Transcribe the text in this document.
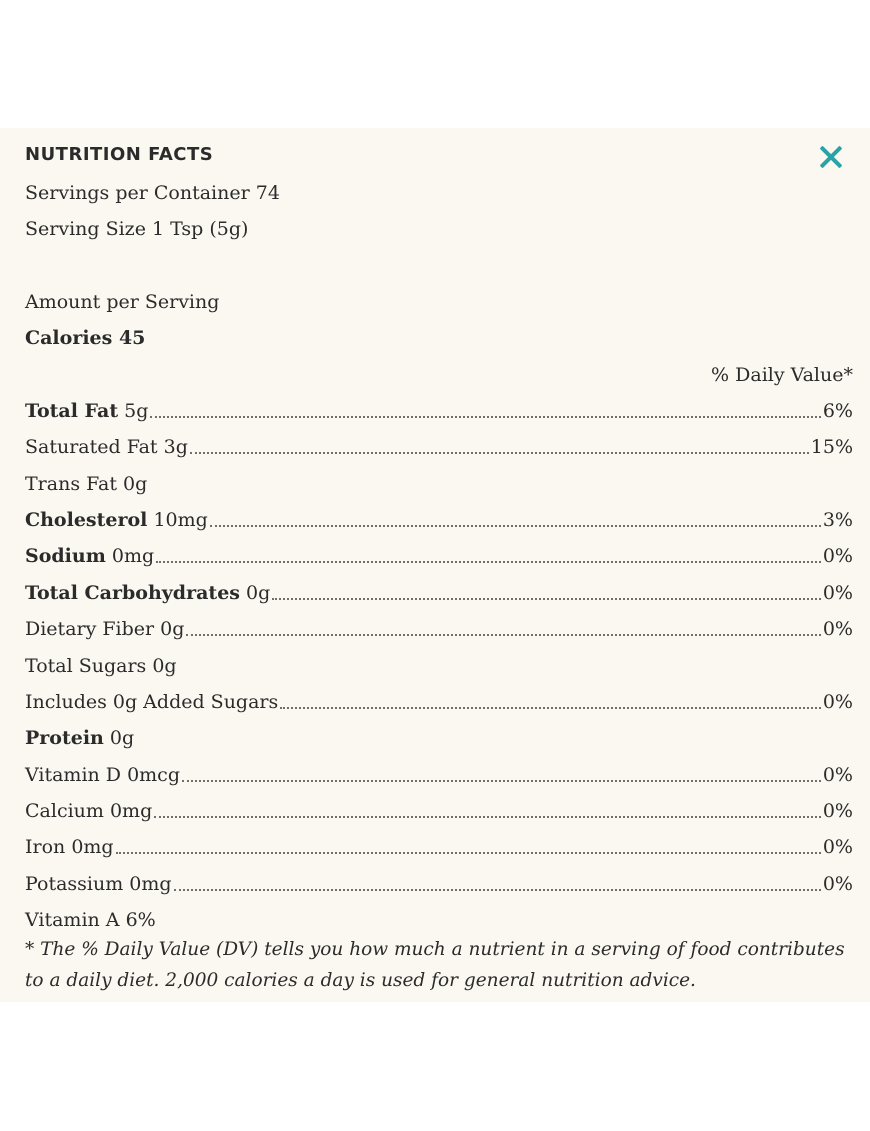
NUTRITION FACTS
Servings per Container 74
Serving Size 1 Tsp (5g)
Amount per Serving
Calories 45
% Daily Value*
Total Fat 5g	6%
Saturated Fat 3g	15%
Trans Fat 0g
Cholesterol 10mg	3%
Sodium 0mg	0%
Total Carbohydrates 0g	0%
Dietary Fiber 0g	0%
Total Sugars 0g
Includes 0g Added Sugars	0%
Protein 0g
Vitamin D 0mcg	0%
Calcium 0mg	0%
Iron 0mg	0%
Potassium 0mg	0%
Vitamin A 6%
* The % Daily Value (DV) tells you how much a nutrient in a serving of food contributes to a daily diet. 2,000 calories a day is used for general nutrition advice.
